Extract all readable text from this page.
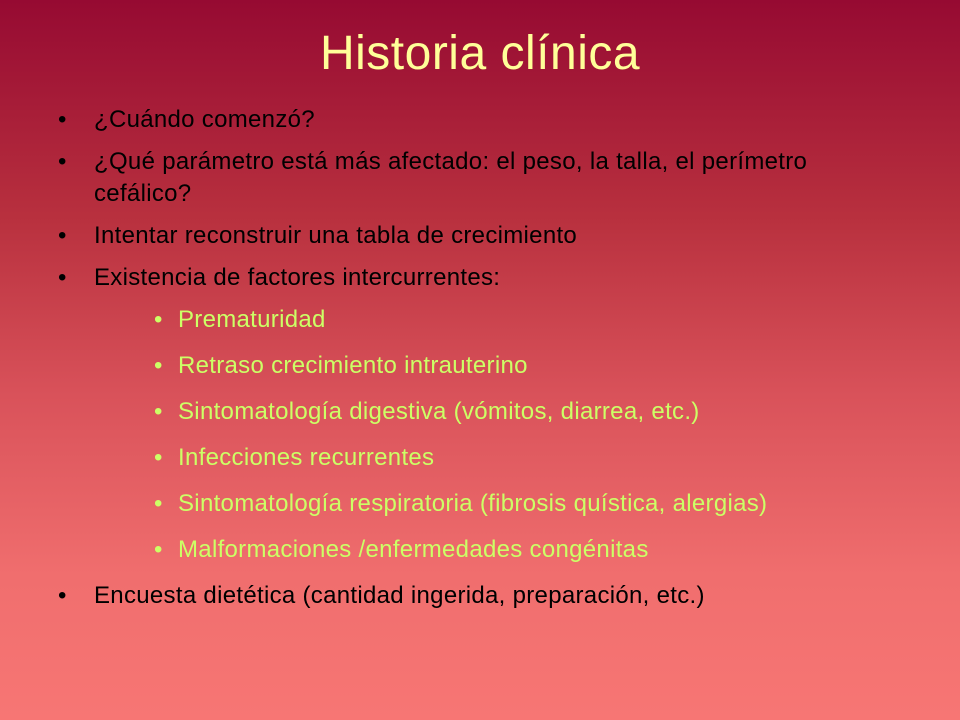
Historia clínica
• ¿Cuándo comenzó?
• ¿Qué parámetro está más afectado: el peso, la talla, el perímetro cefálico?
• Intentar reconstruir una tabla de crecimiento
• Existencia de factores intercurrentes:
• Prematuridad
• Retraso crecimiento intrauterino
• Sintomatología digestiva (vómitos, diarrea, etc.)
• Infecciones recurrentes
• Sintomatología respiratoria (fibrosis quística, alergias)
• Malformaciones /enfermedades congénitas
• Encuesta dietética (cantidad ingerida, preparación, etc.)
